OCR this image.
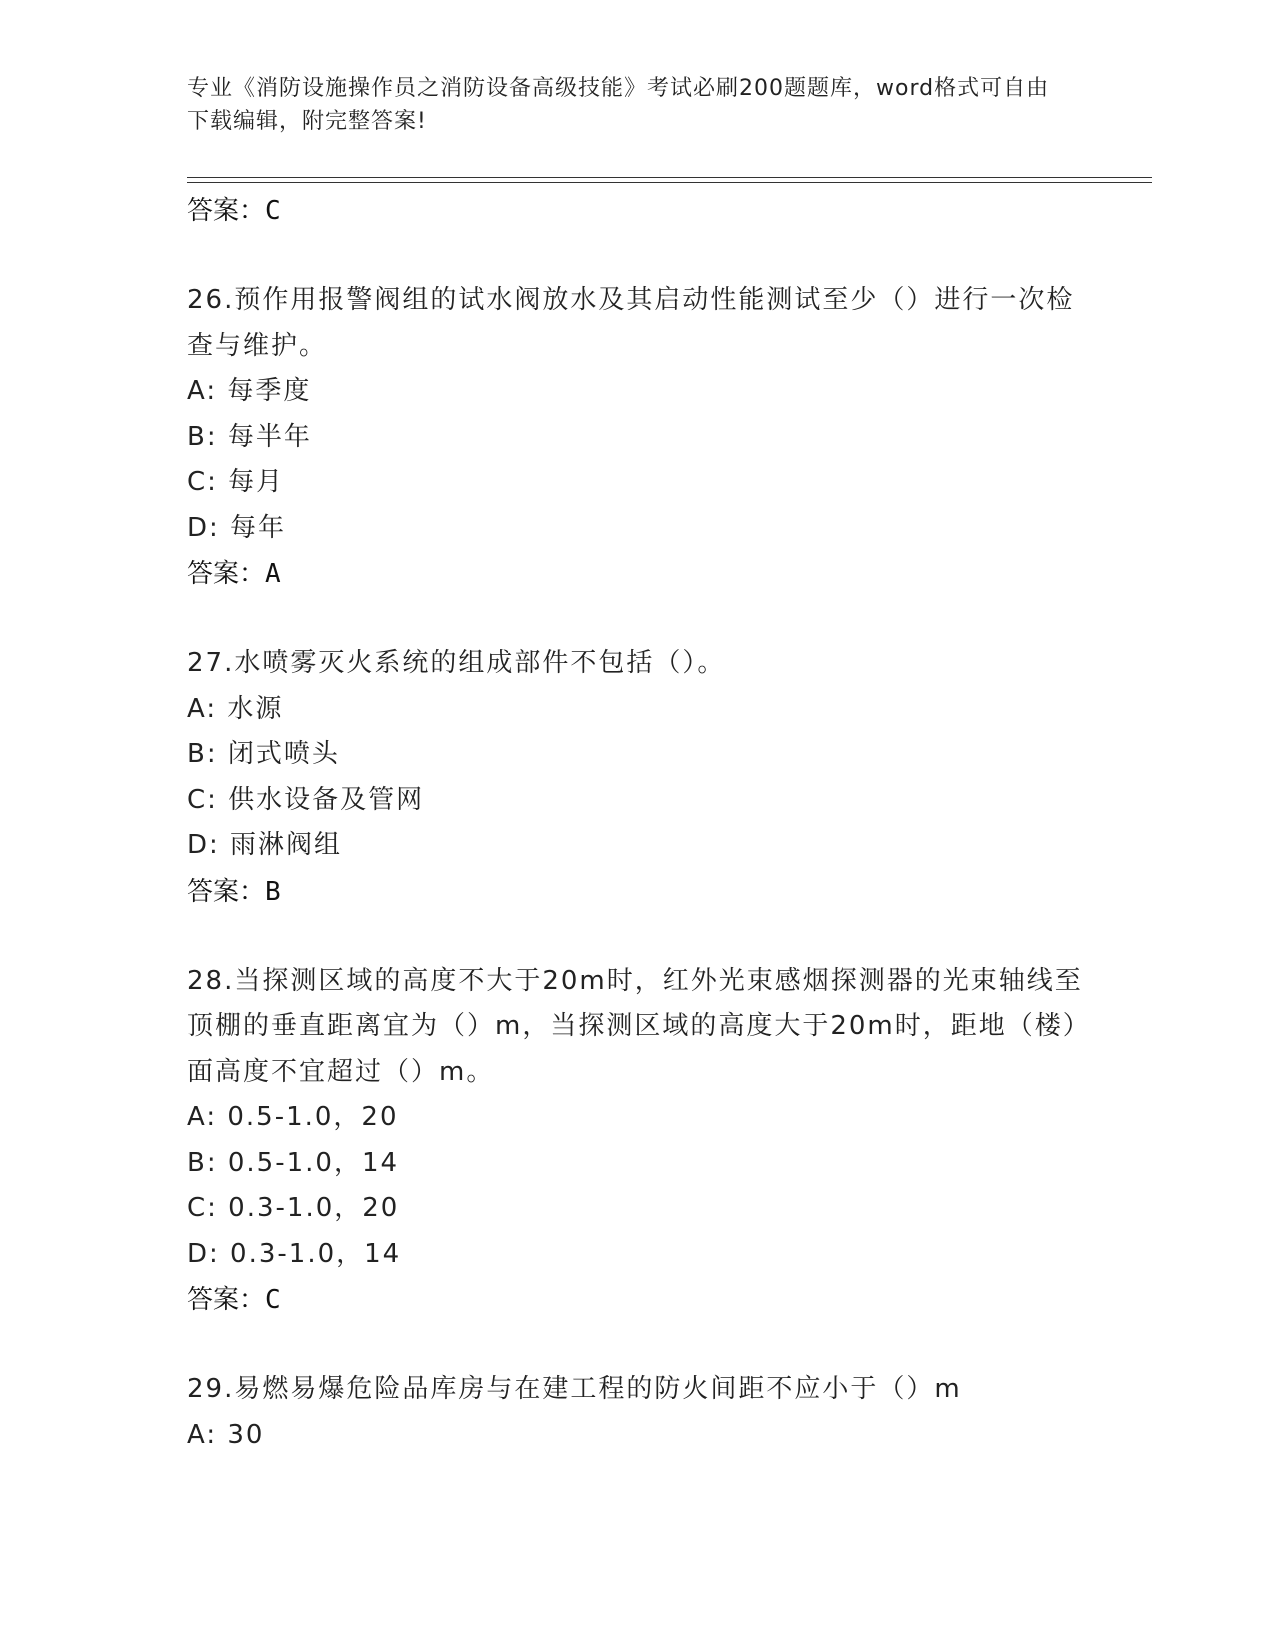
专业《消防设施操作员之消防设备高级技能》考试必刷200题题库，word格式可自由下载编辑，附完整答案!
答案：C
26.预作用报警阀组的试水阀放水及其启动性能测试至少（）进行一次检查与维护。
A: 每季度
B: 每半年
C: 每月
D: 每年
答案：A
27.水喷雾灭火系统的组成部件不包括（）。
A: 水源
B: 闭式喷头
C: 供水设备及管网
D: 雨淋阀组
答案：B
28.当探测区域的高度不大于20m时，红外光束感烟探测器的光束轴线至顶棚的垂直距离宜为（）m，当探测区域的高度大于20m时，距地（楼）面高度不宜超过（）m。
A: 0.5-1.0，20
B: 0.5-1.0，14
C: 0.3-1.0，20
D: 0.3-1.0，14
答案：C
29.易燃易爆危险品库房与在建工程的防火间距不应小于（）m
A: 30
